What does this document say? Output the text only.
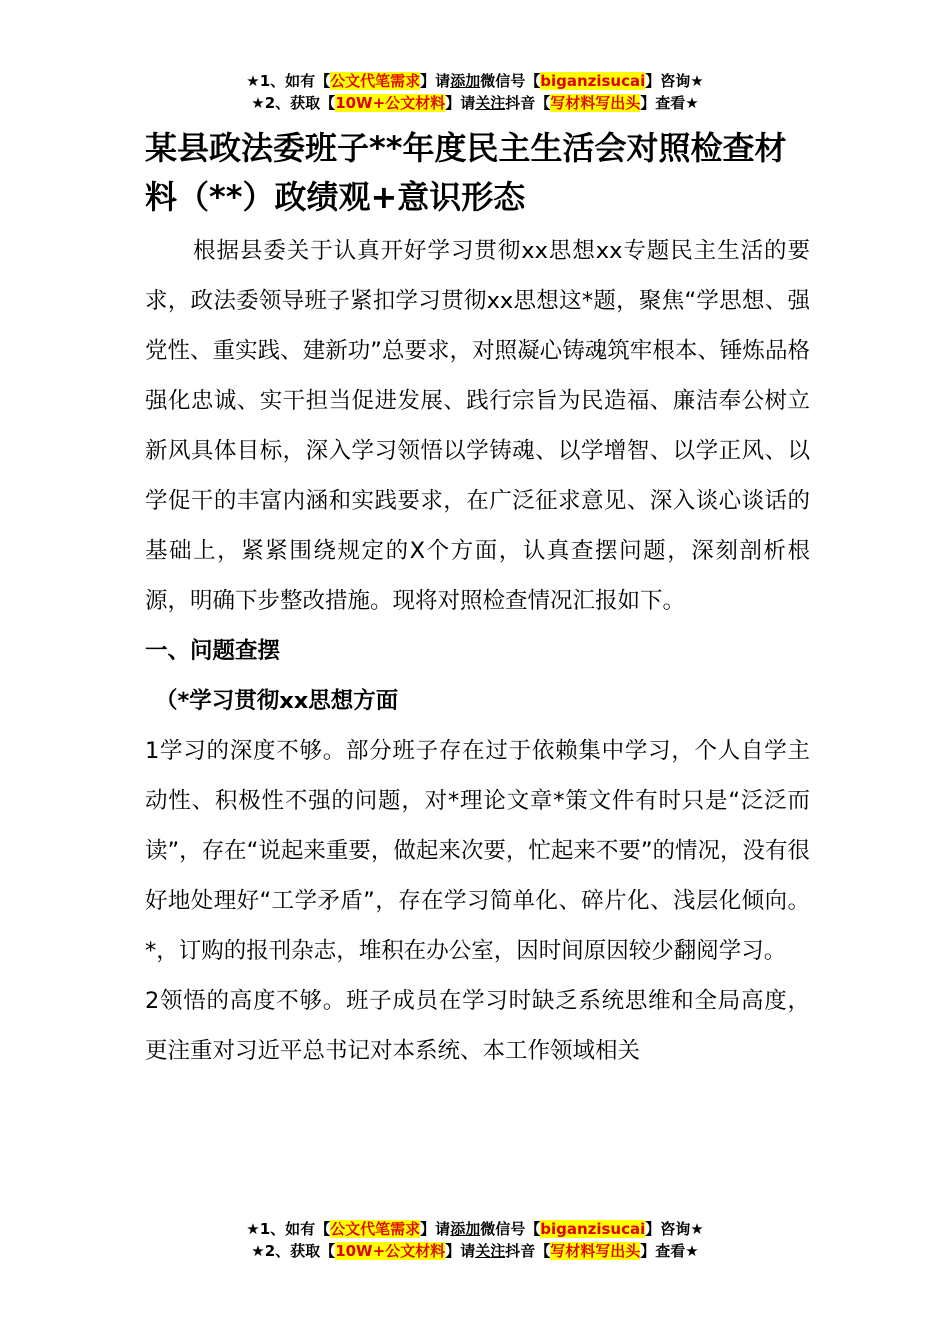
★1、如有【公文代笔需求】请添加微信号【biganzisucai】咨询★
★2、获取【10W+公文材料】请关注抖音【写材料写出头】查看★
某县政法委班子**年度民主生活会对照检查材料（**）政绩观+意识形态

根据县委关于认真开好学习贯彻xx思想xx专题民主生活的要求，政法委领导班子紧扣学习贯彻xx思想这*题，聚焦“学思想、强党性、重实践、建新功”总要求，对照凝心铸魂筑牢根本、锤炼品格强化忠诚、实干担当促进发展、践行宗旨为民造福、廉洁奉公树立新风具体目标，深入学习领悟以学铸魂、以学增智、以学正风、以学促干的丰富内涵和实践要求，在广泛征求意见、深入谈心谈话的基础上，紧紧围绕规定的X个方面，认真查摆问题，深刻剖析根源，明确下步整改措施。现将对照检查情况汇报如下。

一、问题查摆
（*学习贯彻xx思想方面

1学习的深度不够。部分班子存在过于依赖集中学习，个人自学主动性、积极性不强的问题，对*理论文章*策文件有时只是“泛泛而读”，存在“说起来重要，做起来次要，忙起来不要”的情况，没有很好地处理好“工学矛盾”，存在学习简单化、碎片化、浅层化倾向。*，订购的报刊杂志，堆积在办公室，因时间原因较少翻阅学习。

2领悟的高度不够。班子成员在学习时缺乏系统思维和全局高度，更注重对习近平总书记对本系统、本工作领域相关

★1、如有【公文代笔需求】请添加微信号【biganzisucai】咨询★
★2、获取【10W+公文材料】请关注抖音【写材料写出头】查看★
